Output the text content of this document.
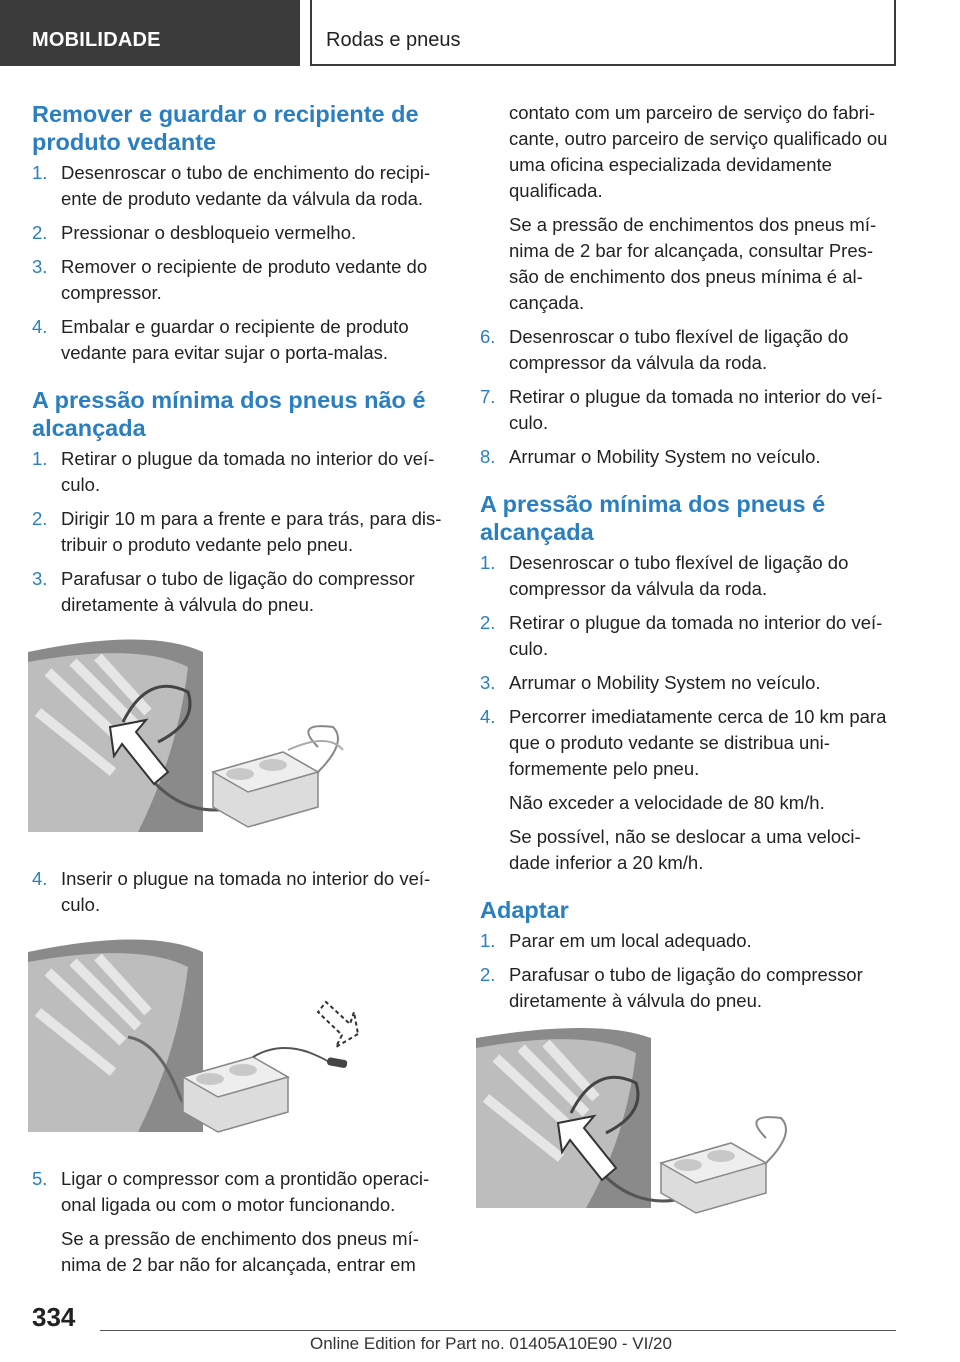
MOBILIDADE	Rodas e pneus
Remover e guardar o recipiente de produto vedante
1. Desenroscar o tubo de enchimento do recipi-ente de produto vedante da válvula da roda.
2. Pressionar o desbloqueio vermelho.
3. Remover o recipiente de produto vedante do compressor.
4. Embalar e guardar o recipiente de produto vedante para evitar sujar o porta-malas.
A pressão mínima dos pneus não é alcançada
1. Retirar o plugue da tomada no interior do veí-culo.
2. Dirigir 10 m para a frente e para trás, para dis-tribuir o produto vedante pelo pneu.
3. Parafusar o tubo de ligação do compressor diretamente à válvula do pneu.
4. Inserir o plugue na tomada no interior do veí-culo.
5. Ligar o compressor com a prontidão operaci-onal ligada ou com o motor funcionando.
Se a pressão de enchimento dos pneus mí-nima de 2 bar não for alcançada, entrar em
contato com um parceiro de serviço do fabri-cante, outro parceiro de serviço qualificado ou uma oficina especializada devidamente qualificada.
Se a pressão de enchimentos dos pneus mí-nima de 2 bar for alcançada, consultar Pres-são de enchimento dos pneus mínima é al-cançada.
6. Desenroscar o tubo flexível de ligação do compressor da válvula da roda.
7. Retirar o plugue da tomada no interior do veí-culo.
8. Arrumar o Mobility System no veículo.
A pressão mínima dos pneus é alcançada
1. Desenroscar o tubo flexível de ligação do compressor da válvula da roda.
2. Retirar o plugue da tomada no interior do veí-culo.
3. Arrumar o Mobility System no veículo.
4. Percorrer imediatamente cerca de 10 km para que o produto vedante se distribua uni-formemente pelo pneu.
Não exceder a velocidade de 80 km/h.
Se possível, não se deslocar a uma veloci-dade inferior a 20 km/h.
Adaptar
1. Parar em um local adequado.
2. Parafusar o tubo de ligação do compressor diretamente à válvula do pneu.
334
Online Edition for Part no. 01405A10E90 - VI/20
